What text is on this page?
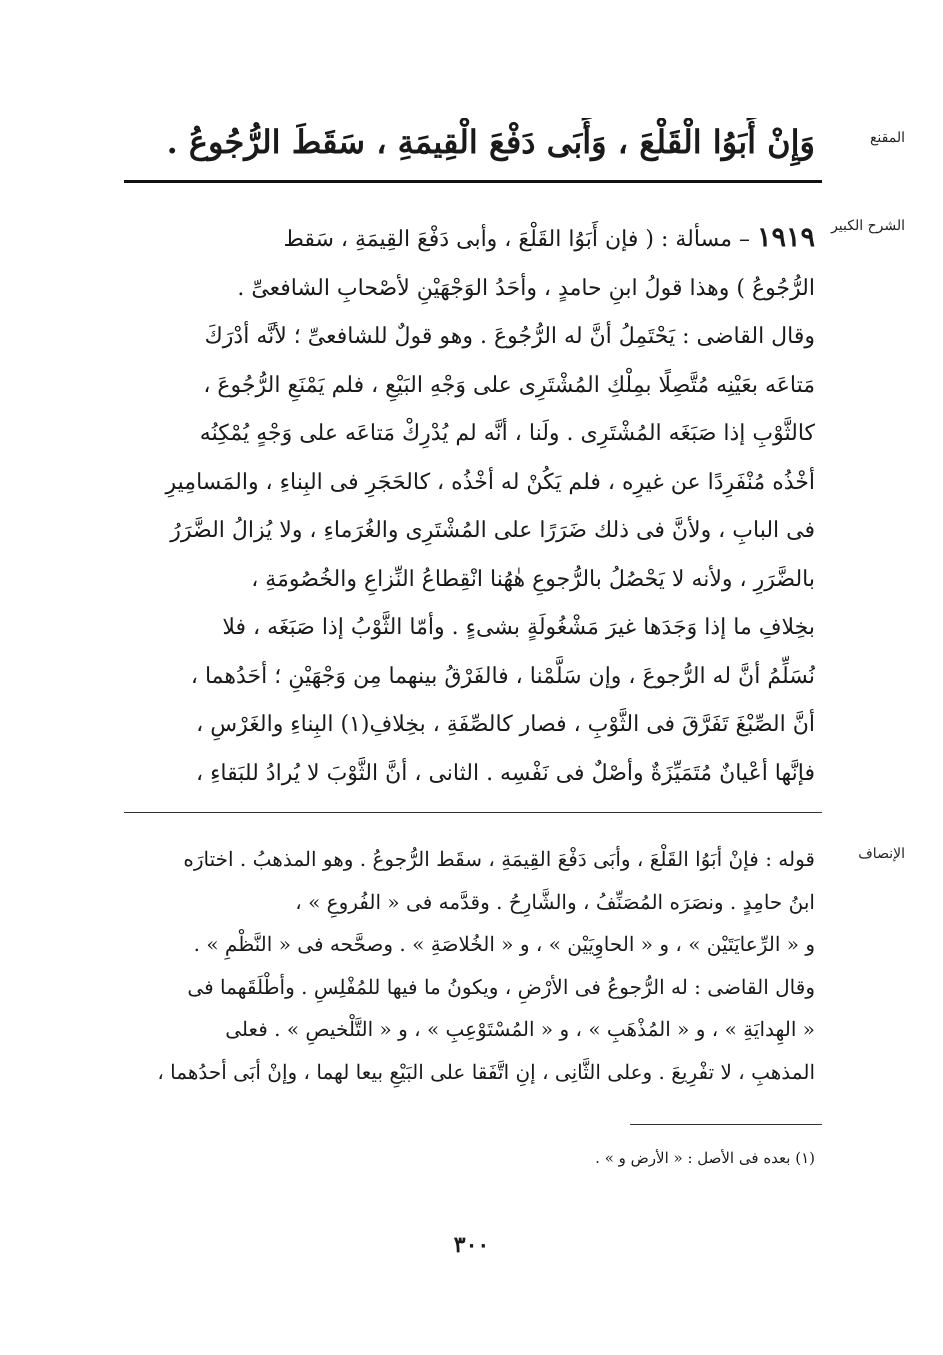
المقنع
وَإِنْ أَبَوُا الْقَلْعَ ، وَأَبَى دَفْعَ الْقِيمَةِ ، سَقَطَ الرُّجُوعُ .
الشرح الكبير
١٩١٩ – مسألة : ( فإن أَبَوُا القَلْعَ ، وأبى دَفْعَ القِيمَةِ ، سَقط
الرُّجُوعُ ) وهذا قولُ ابنِ حامدٍ ، وأحَدُ الوَجْهَيْنِ لأصْحابِ الشافعىِّ .
وقال القاضى : يَحْتَمِلُ أنَّ له الرُّجُوعَ . وهو قولٌ للشافعىِّ ؛ لأنَّه أدْرَكَ
مَتاعَه بعَيْنِه مُتَّصِلًا بمِلْكِ المُشْتَرِى على وَجْهِ البَيْعِ ، فلم يَمْنَعِ الرُّجُوعَ ،
كالثَّوْبِ إذا صَبَغَه المُشْتَرِى . ولَنا ، أنَّه لم يُدْرِكْ مَتاعَه على وَجْهٍ يُمْكِنُه
أخْذُه مُنْفَرِدًا عن غيرِه ، فلم يَكُنْ له أخْذُه ، كالحَجَرِ فى البِناءِ ، والمَسامِيرِ
فى البابِ ، ولأنَّ فى ذلك ضَرَرًا على المُشْتَرِى والغُرَماءِ ، ولا يُزالُ الضَّرَرُ
بالضَّرَرِ ، ولأنه لا يَحْصُلُ بالرُّجوعِ هٰهُنا انْقِطاعُ النِّزاعِ والخُصُومَةِ ،
بخِلافِ ما إذا وَجَدَها غيرَ مَشْغُولَةٍ بشىءٍ . وأمّا الثَّوْبُ إذا صَبَغَه ، فلا
نُسَلِّمُ أنَّ له الرُّجوعَ ، وإن سَلَّمْنا ، فالفَرْقُ بينهما مِن وَجْهَيْنِ ؛ أحَدُهما ،
أنَّ الصِّبْغَ تَفَرَّقَ فى الثَّوْبِ ، فصار كالصِّفَةِ ، بخِلافِ(١) البِناءِ والغَرْسِ ،
فإنَّها أعْيانٌ مُتَمَيِّزَةٌ وأصْلٌ فى نَفْسِه . الثانى ، أنَّ الثَّوْبَ لا يُرادُ للبَقاءِ ،
الإنصاف
قوله : فإنْ أبَوُا القَلْعَ ، وأبَى دَفْعَ القِيمَةِ ، سقَط الرُّجوعُ . وهو المذهبُ . اختارَه
ابنُ حامِدٍ . ونصَرَه المُصَنِّفُ ، والشَّارِحُ . وقدَّمه فى « الفُروعِ » ،
و « الرِّعايَتَيْن » ، و « الحاوِيَيْن » ، و « الخُلاصَةِ » . وصحَّحه فى « النَّظْمِ » .
وقال القاضى : له الرُّجوعُ فى الأرْضِ ، ويكونُ ما فيها للمُفْلِسِ . وأطْلَقَهما فى
« الهِدايَةِ » ، و « المُذْهَبِ » ، و « المُسْتَوْعِبِ » ، و « التَّلْخيصِ » . فعلى
المذهبِ ، لا تفْرِيعَ . وعلى الثَّانِى ، إنِ اتَّفَقا على البَيْعِ بيعا لهما ، وإنْ أبَى أحدُهما ،
(١) بعده فى الأصل : « الأرض و » .
٣٠٠
